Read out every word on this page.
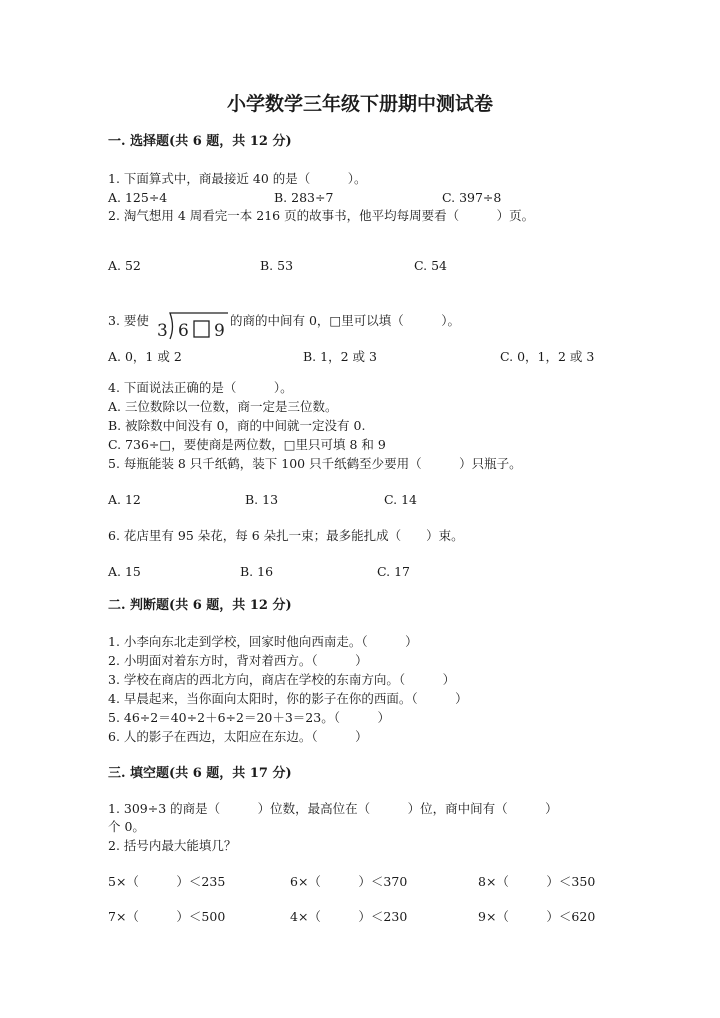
小学数学三年级下册期中测试卷
一. 选择题(共 6 题，共 12 分)
1. 下面算式中，商最接近 40 的是（　　　）。
A. 125÷4	B. 283÷7	C. 397÷8
2. 淘气想用 4 周看完一本 216 页的故事书，他平均每周要看（　　　）页。
A. 52	B. 53	C. 54
3. 要使
3 6 9
的商的中间有 0，□里可以填（　　　）。
A. 0，1 或 2	B. 1，2 或 3	C. 0，1，2 或 3
4. 下面说法正确的是（　　　）。
A. 三位数除以一位数，商一定是三位数。
B. 被除数中间没有 0，商的中间就一定没有 0.
C. 736÷□，要使商是两位数，□里只可填 8 和 9
5. 每瓶能装 8 只千纸鹤，装下 100 只千纸鹤至少要用（　　　）只瓶子。
A. 12	B. 13	C. 14
6. 花店里有 95 朵花，每 6 朵扎一束；最多能扎成（　　）束。
A. 15	B. 16	C. 17
二. 判断题(共 6 题，共 12 分)
1. 小李向东北走到学校，回家时他向西南走。（　　　）
2. 小明面对着东方时，背对着西方。（　　　）
3. 学校在商店的西北方向，商店在学校的东南方向。（　　　）
4. 早晨起来，当你面向太阳时，你的影子在你的西面。（　　　）
5. 46÷2＝40÷2＋6÷2＝20＋3＝23。（　　　）
6. 人的影子在西边，太阳应在东边。（　　　）
三. 填空题(共 6 题，共 17 分)
1. 309÷3 的商是（　　　）位数，最高位在（　　　）位，商中间有（　　　）
个 0。
2. 括号内最大能填几？
5×（　　　）＜235	6×（　　　）＜370	8×（　　　）＜350
7×（　　　）＜500	4×（　　　）＜230	9×（　　　）＜620
